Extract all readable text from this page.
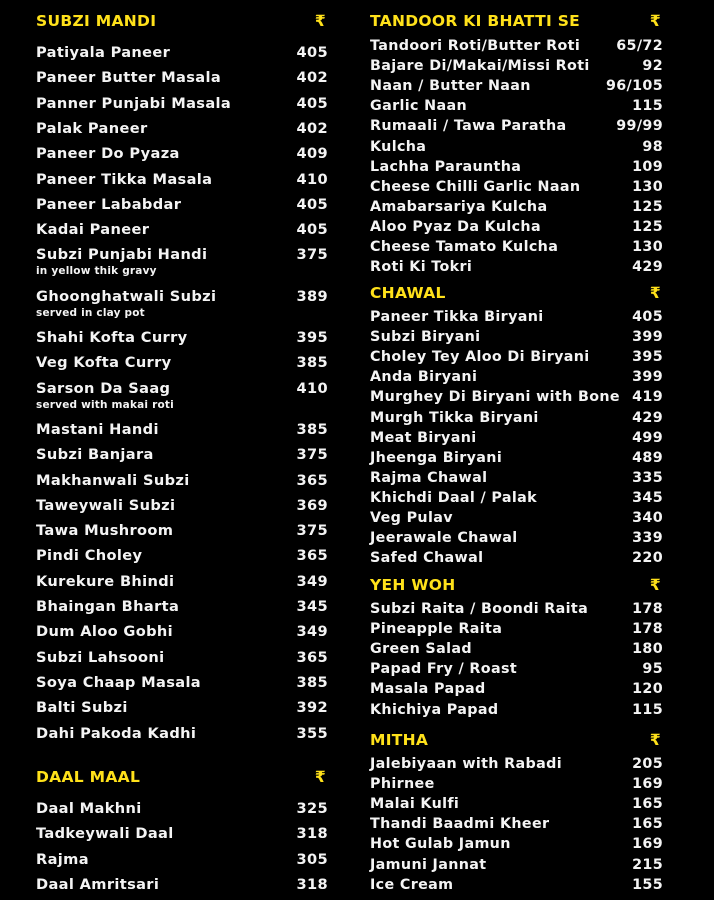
SUBZI MANDI	₹
Patiyala Paneer	405
Paneer Butter Masala	402
Panner Punjabi Masala	405
Palak Paneer	402
Paneer Do Pyaza	409
Paneer Tikka Masala	410
Paneer Lababdar	405
Kadai Paneer	405
Subzi Punjabi Handi	375
in yellow thik gravy
Ghoonghatwali Subzi	389
served in clay pot
Shahi Kofta Curry	395
Veg Kofta Curry	385
Sarson Da Saag	410
served with makai roti
Mastani Handi	385
Subzi Banjara	375
Makhanwali Subzi	365
Taweywali Subzi	369
Tawa Mushroom	375
Pindi Choley	365
Kurekure Bhindi	349
Bhaingan Bharta	345
Dum Aloo Gobhi	349
Subzi Lahsooni	365
Soya Chaap Masala	385
Balti Subzi	392
Dahi Pakoda Kadhi	355
DAAL MAAL	₹
Daal Makhni	325
Tadkeywali Daal	318
Rajma	305
Daal Amritsari	318
TANDOOR KI BHATTI SE	₹
Tandoori Roti/Butter Roti	65/72
Bajare Di/Makai/Missi Roti	92
Naan / Butter Naan	96/105
Garlic Naan	115
Rumaali / Tawa Paratha	99/99
Kulcha	98
Lachha Parauntha	109
Cheese Chilli Garlic Naan	130
Amabarsariya Kulcha	125
Aloo Pyaz Da Kulcha	125
Cheese Tamato Kulcha	130
Roti Ki Tokri	429
CHAWAL	₹
Paneer Tikka Biryani	405
Subzi Biryani	399
Choley Tey Aloo Di Biryani	395
Anda Biryani	399
Murghey Di Biryani with Bone 419
Murgh Tikka Biryani	429
Meat Biryani	499
Jheenga Biryani	489
Rajma Chawal	335
Khichdi Daal / Palak	345
Veg Pulav	340
Jeerawale Chawal	339
Safed Chawal	220
YEH WOH	₹
Subzi Raita / Boondi Raita	178
Pineapple Raita	178
Green Salad	180
Papad Fry / Roast	95
Masala Papad	120
Khichiya Papad	115
MITHA	₹
Jalebiyaan with Rabadi	205
Phirnee	169
Malai Kulfi	165
Thandi Baadmi Kheer	165
Hot Gulab Jamun	169
Jamuni Jannat	215
Ice Cream	155
